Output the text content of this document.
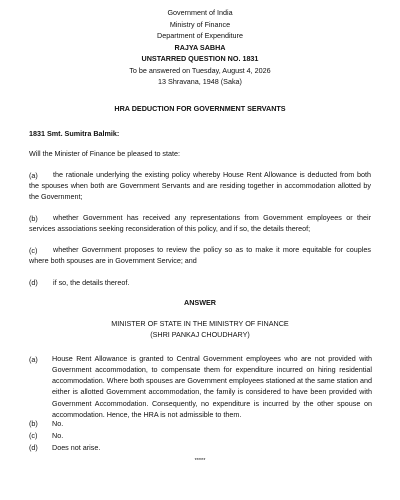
Government of India
Ministry of Finance
Department of Expenditure
RAJYA SABHA
UNSTARRED QUESTION NO. 1831
To be answered on Tuesday, August 4, 2026
13 Shravana, 1948 (Saka)
HRA DEDUCTION FOR GOVERNMENT SERVANTS
1831 Smt. Sumitra Balmik:
Will the Minister of Finance be pleased to state:
(a)	the rationale underlying the existing policy whereby House Rent Allowance is deducted from both the spouses when both are Government Servants and are residing together in accommodation allotted by the Government;
(b)	whether Government has received any representations from Government employees or their services associations seeking reconsideration of this policy, and if so, the details thereof;
(c)	whether Government proposes to review the policy so as to make it more equitable for couples where both spouses are in Government Service; and
(d) if so, the details thereof.
ANSWER
MINISTER OF STATE IN THE MINISTRY OF FINANCE
(SHRI PANKAJ CHOUDHARY)
(a) House Rent Allowance is granted to Central Government employees who are not provided with Government accommodation, to compensate them for expenditure incurred on hiring residential accommodation. Where both spouses are Government employees stationed at the same station and either is allotted Government accommodation, the family is considered to have been provided with Government Accommodation. Consequently, no expenditure is incurred by the other spouse on accommodation. Hence, the HRA is not admissible to them.
(b) No.
(c) No.
(d) Does not arise.
*****
